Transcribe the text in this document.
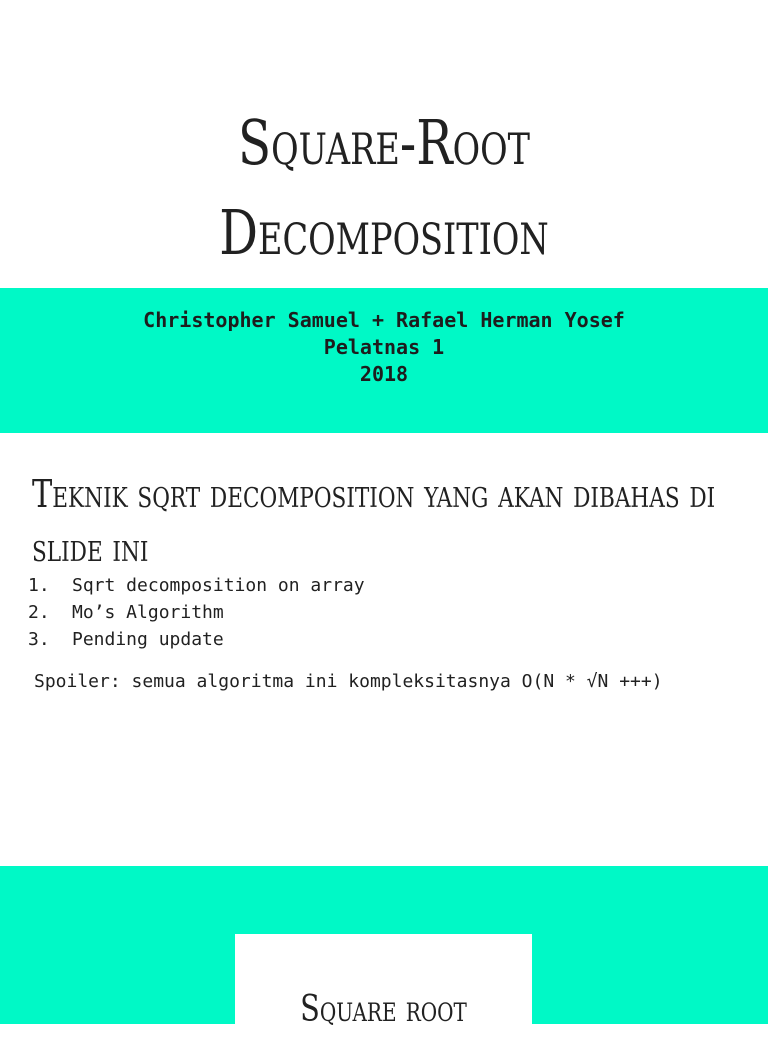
Square-Root Decomposition
Christopher Samuel + Rafael Herman Yosef
Pelatnas 1
2018
Teknik sqrt decomposition yang akan dibahas di slide ini
1. Sqrt decomposition on array
2. Mo’s Algorithm
3. Pending update
Spoiler: semua algoritma ini kompleksitasnya O(N * √N +++)
Square root
